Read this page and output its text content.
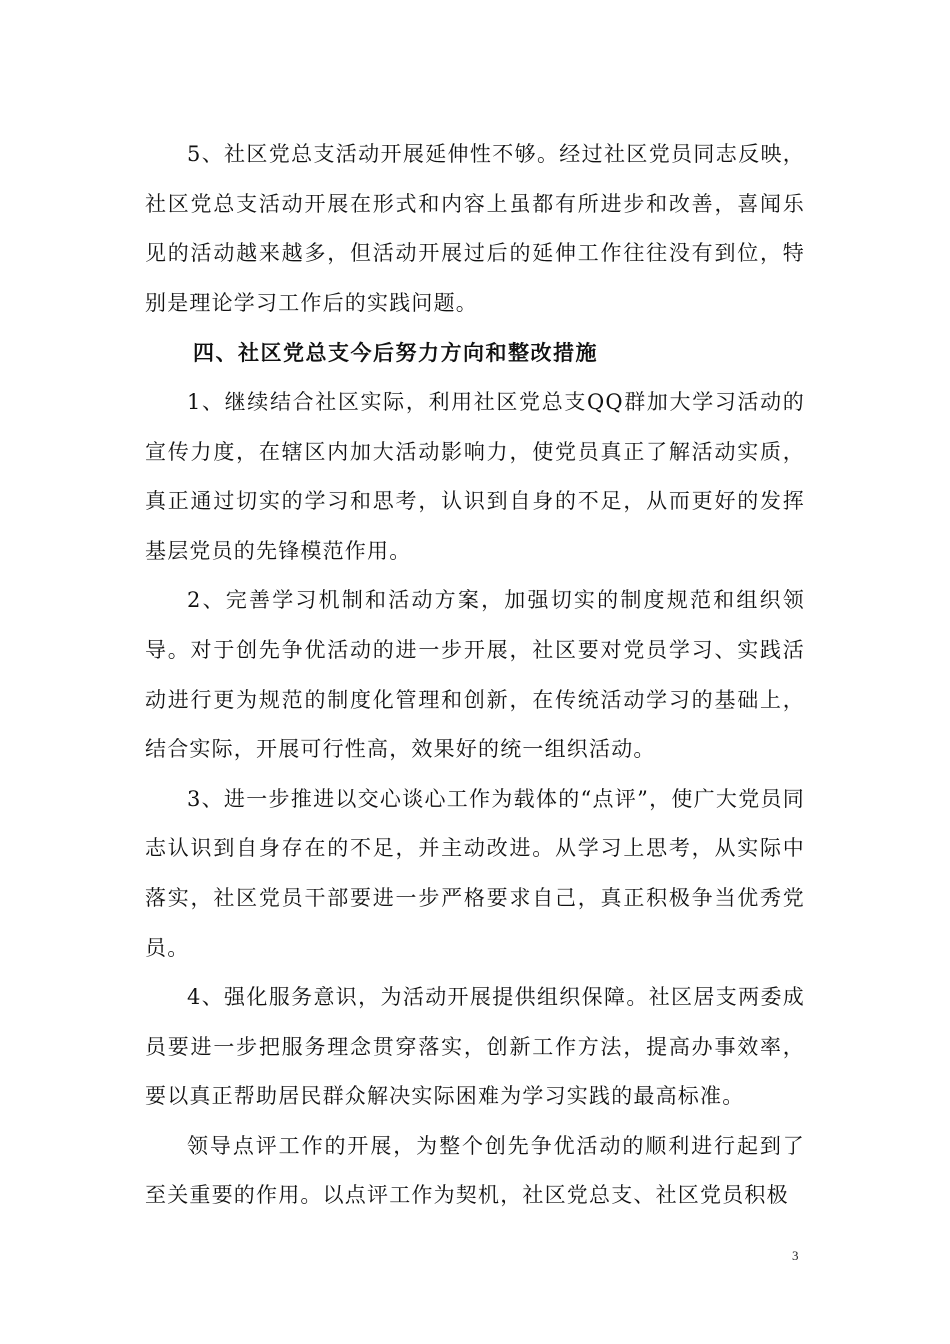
5、社区党总支活动开展延伸性不够。经过社区党员同志反映，社区党总支活动开展在形式和内容上虽都有所进步和改善，喜闻乐见的活动越来越多，但活动开展过后的延伸工作往往没有到位，特别是理论学习工作后的实践问题。

四、社区党总支今后努力方向和整改措施

1、继续结合社区实际，利用社区党总支QQ群加大学习活动的宣传力度，在辖区内加大活动影响力，使党员真正了解活动实质，真正通过切实的学习和思考，认识到自身的不足，从而更好的发挥基层党员的先锋模范作用。

2、完善学习机制和活动方案，加强切实的制度规范和组织领导。对于创先争优活动的进一步开展，社区要对党员学习、实践活动进行更为规范的制度化管理和创新，在传统活动学习的基础上，结合实际，开展可行性高，效果好的统一组织活动。

3、进一步推进以交心谈心工作为载体的“点评”，使广大党员同志认识到自身存在的不足，并主动改进。从学习上思考，从实际中落实，社区党员干部要进一步严格要求自己，真正积极争当优秀党员。

4、强化服务意识，为活动开展提供组织保障。社区居支两委成员要进一步把服务理念贯穿落实，创新工作方法，提高办事效率，要以真正帮助居民群众解决实际困难为学习实践的最高标准。

领导点评工作的开展，为整个创先争优活动的顺利进行起到了至关重要的作用。以点评工作为契机，社区党总支、社区党员积极

3
